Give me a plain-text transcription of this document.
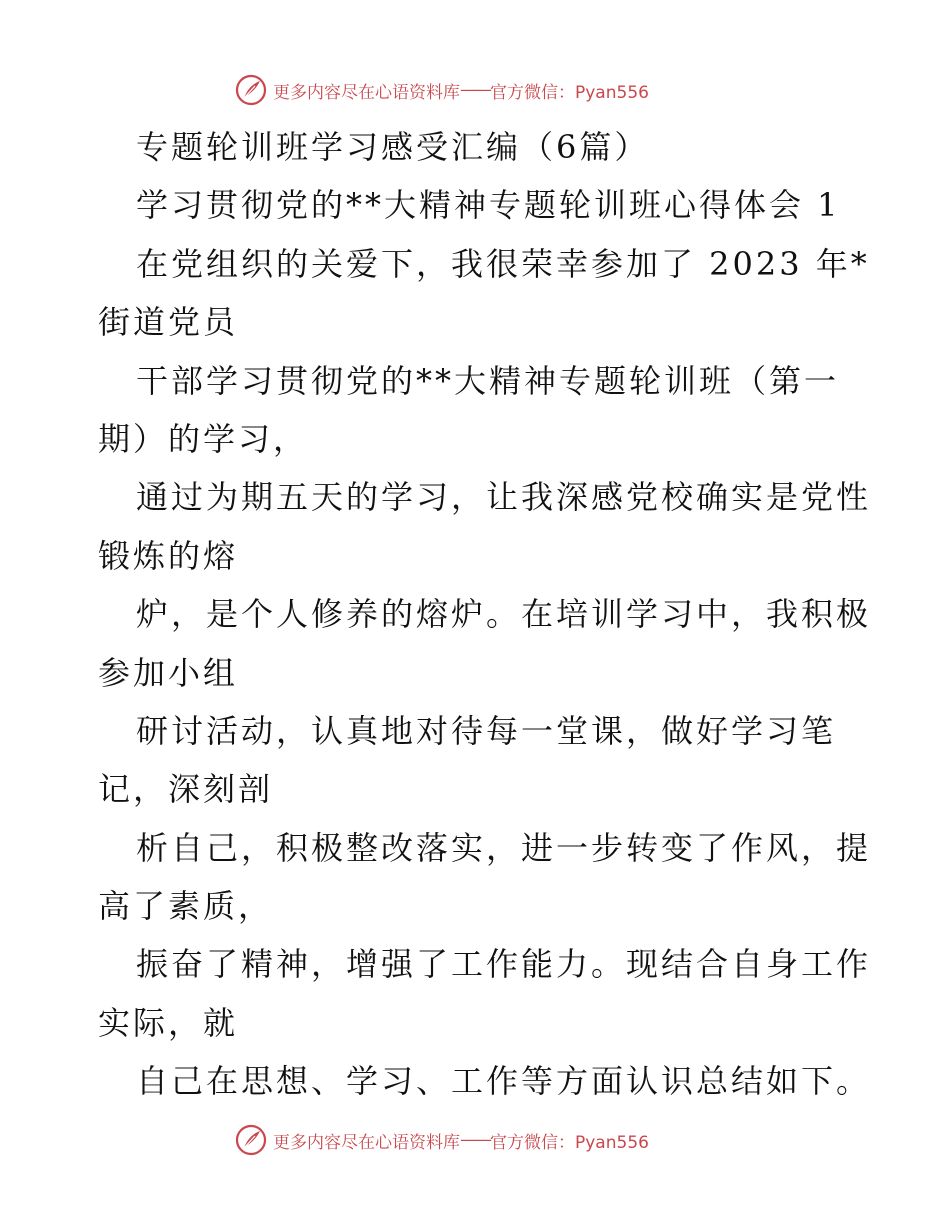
更多内容尽在心语资料库 —— 官方微信：Pyan556
专题轮训班学习感受汇编（6篇）
学习贯彻党的**大精神专题轮训班心得体会 1
在党组织的关爱下，我很荣幸参加了 2023 年*
街道党员
干部学习贯彻党的**大精神专题轮训班（第一
期）的学习，
通过为期五天的学习，让我深感党校确实是党性
锻炼的熔
炉，是个人修养的熔炉。在培训学习中，我积极
参加小组
研讨活动，认真地对待每一堂课，做好学习笔
记，深刻剖
析自己，积极整改落实，进一步转变了作风，提
高了素质，
振奋了精神，增强了工作能力。现结合自身工作
实际，就
自己在思想、学习、工作等方面认识总结如下。
更多内容尽在心语资料库 —— 官方微信：Pyan556
